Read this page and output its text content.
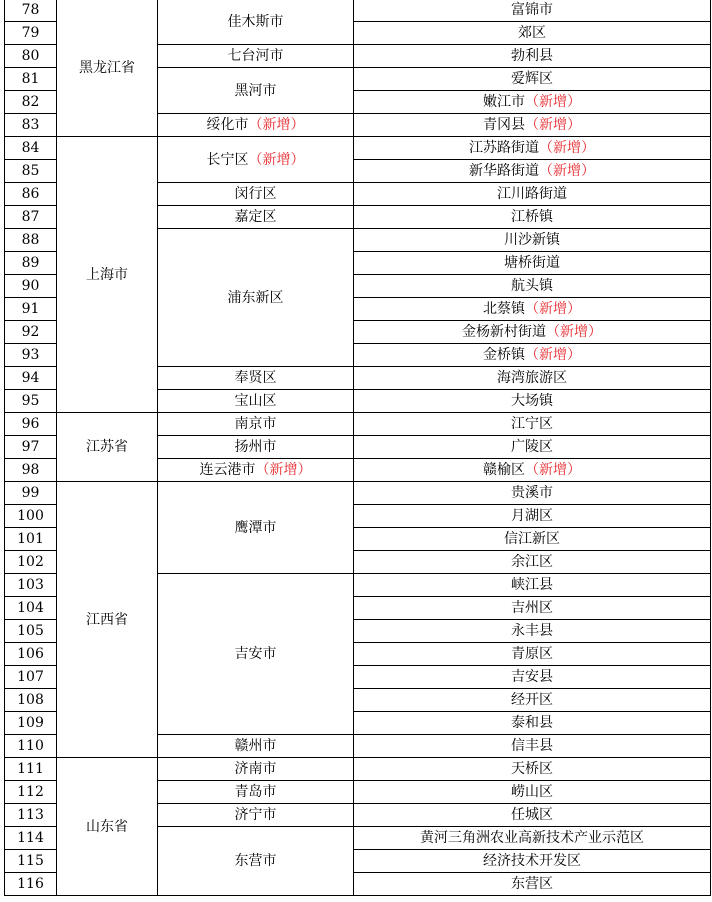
78	黑龙江省	佳木斯市	富锦市
79			郊区
80		七台河市	勃利县
81		黑河市	爱辉区
82			嫩江市（新增）
83		绥化市（新增）	青冈县（新增）
84	上海市	长宁区（新增）	江苏路街道（新增）
85			新华路街道（新增）
86		闵行区	江川路街道
87		嘉定区	江桥镇
88		浦东新区	川沙新镇
89			塘桥街道
90			航头镇
91			北蔡镇（新增）
92			金杨新村街道（新增）
93			金桥镇（新增）
94		奉贤区	海湾旅游区
95		宝山区	大场镇
96	江苏省	南京市	江宁区
97		扬州市	广陵区
98		连云港市（新增）	赣榆区（新增）
99	江西省	鹰潭市	贵溪市
100			月湖区
101			信江新区
102			余江区
103		吉安市	峡江县
104			吉州区
105			永丰县
106			青原区
107			吉安县
108			经开区
109			泰和县
110		赣州市	信丰县
111	山东省	济南市	天桥区
112		青岛市	崂山区
113		济宁市	任城区
114		东营市	黄河三角洲农业高新技术产业示范区
115			经济技术开发区
116			东营区
